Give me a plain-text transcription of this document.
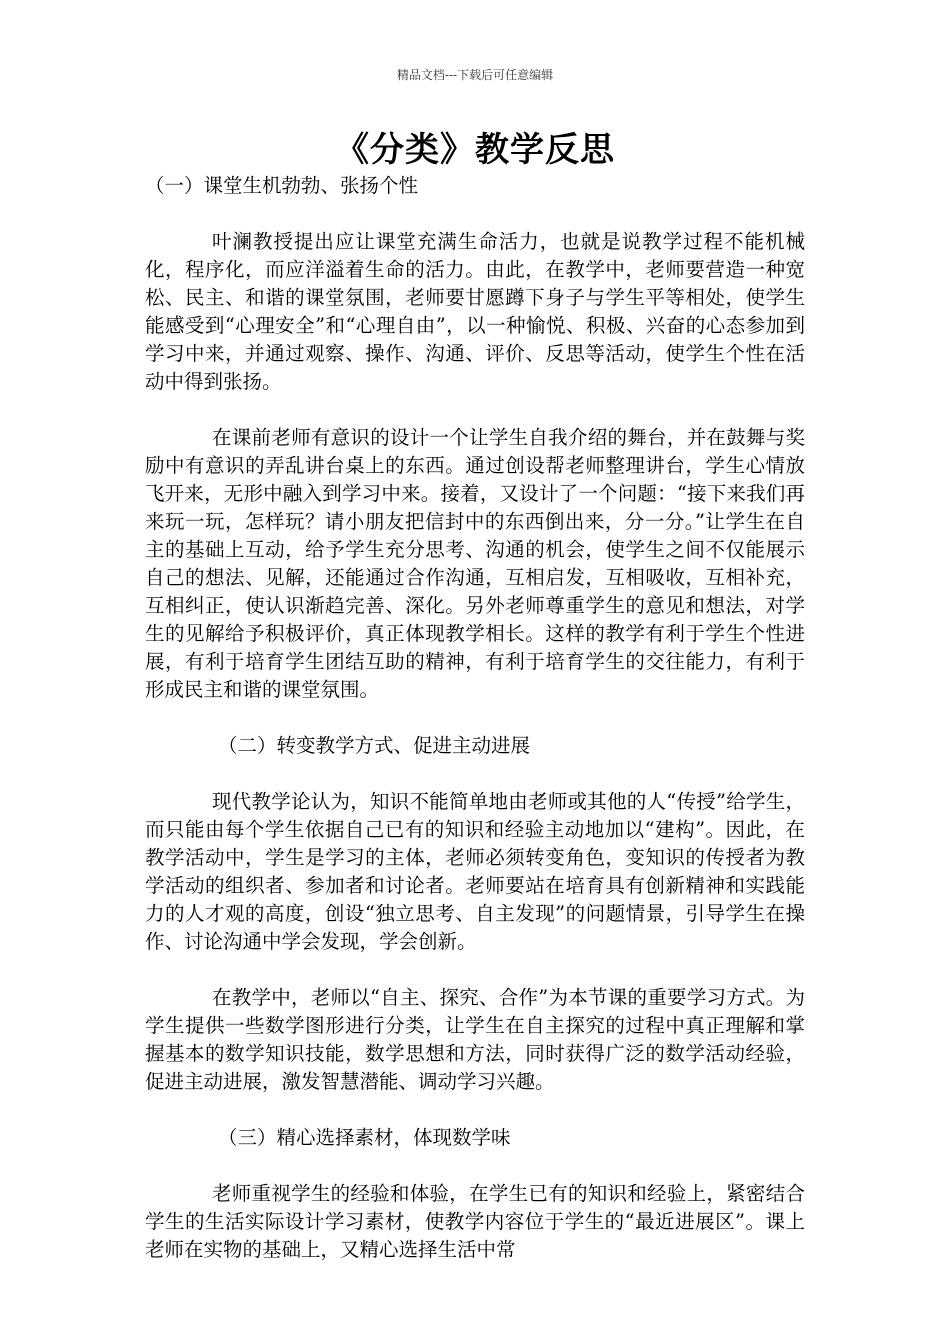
精品文档---下载后可任意编辑
《分类》教学反思
（一）课堂生机勃勃、张扬个性

叶澜教授提出应让课堂充满生命活力，也就是说教学过程不能机械化，程序化，而应洋溢着生命的活力。由此，在教学中，老师要营造一种宽松、民主、和谐的课堂氛围，老师要甘愿蹲下身子与学生平等相处，使学生能感受到“心理安全”和“心理自由”，以一种愉悦、积极、兴奋的心态参加到学习中来，并通过观察、操作、沟通、评价、反思等活动，使学生个性在活动中得到张扬。

在课前老师有意识的设计一个让学生自我介绍的舞台，并在鼓舞与奖励中有意识的弄乱讲台桌上的东西。通过创设帮老师整理讲台，学生心情放飞开来，无形中融入到学习中来。接着，又设计了一个问题：“接下来我们再来玩一玩，怎样玩？请小朋友把信封中的东西倒出来，分一分。”让学生在自主的基础上互动，给予学生充分思考、沟通的机会，使学生之间不仅能展示自己的想法、见解，还能通过合作沟通，互相启发，互相吸收，互相补充，互相纠正，使认识渐趋完善、深化。另外老师尊重学生的意见和想法，对学生的见解给予积极评价，真正体现教学相长。这样的教学有利于学生个性进展，有利于培育学生团结互助的精神，有利于培育学生的交往能力，有利于形成民主和谐的课堂氛围。

（二）转变教学方式、促进主动进展

现代教学论认为，知识不能简单地由老师或其他的人“传授”给学生，而只能由每个学生依据自己已有的知识和经验主动地加以“建构”。因此，在教学活动中，学生是学习的主体，老师必须转变角色，变知识的传授者为教学活动的组织者、参加者和讨论者。老师要站在培育具有创新精神和实践能力的人才观的高度，创设“独立思考、自主发现”的问题情景，引导学生在操作、讨论沟通中学会发现，学会创新。

在教学中，老师以“自主、探究、合作”为本节课的重要学习方式。为学生提供一些数学图形进行分类，让学生在自主探究的过程中真正理解和掌握基本的数学知识技能，数学思想和方法，同时获得广泛的数学活动经验，促进主动进展，激发智慧潜能、调动学习兴趣。

（三）精心选择素材，体现数学味

老师重视学生的经验和体验，在学生已有的知识和经验上，紧密结合学生的生活实际设计学习素材，使教学内容位于学生的“最近进展区”。课上老师在实物的基础上，又精心选择生活中常
